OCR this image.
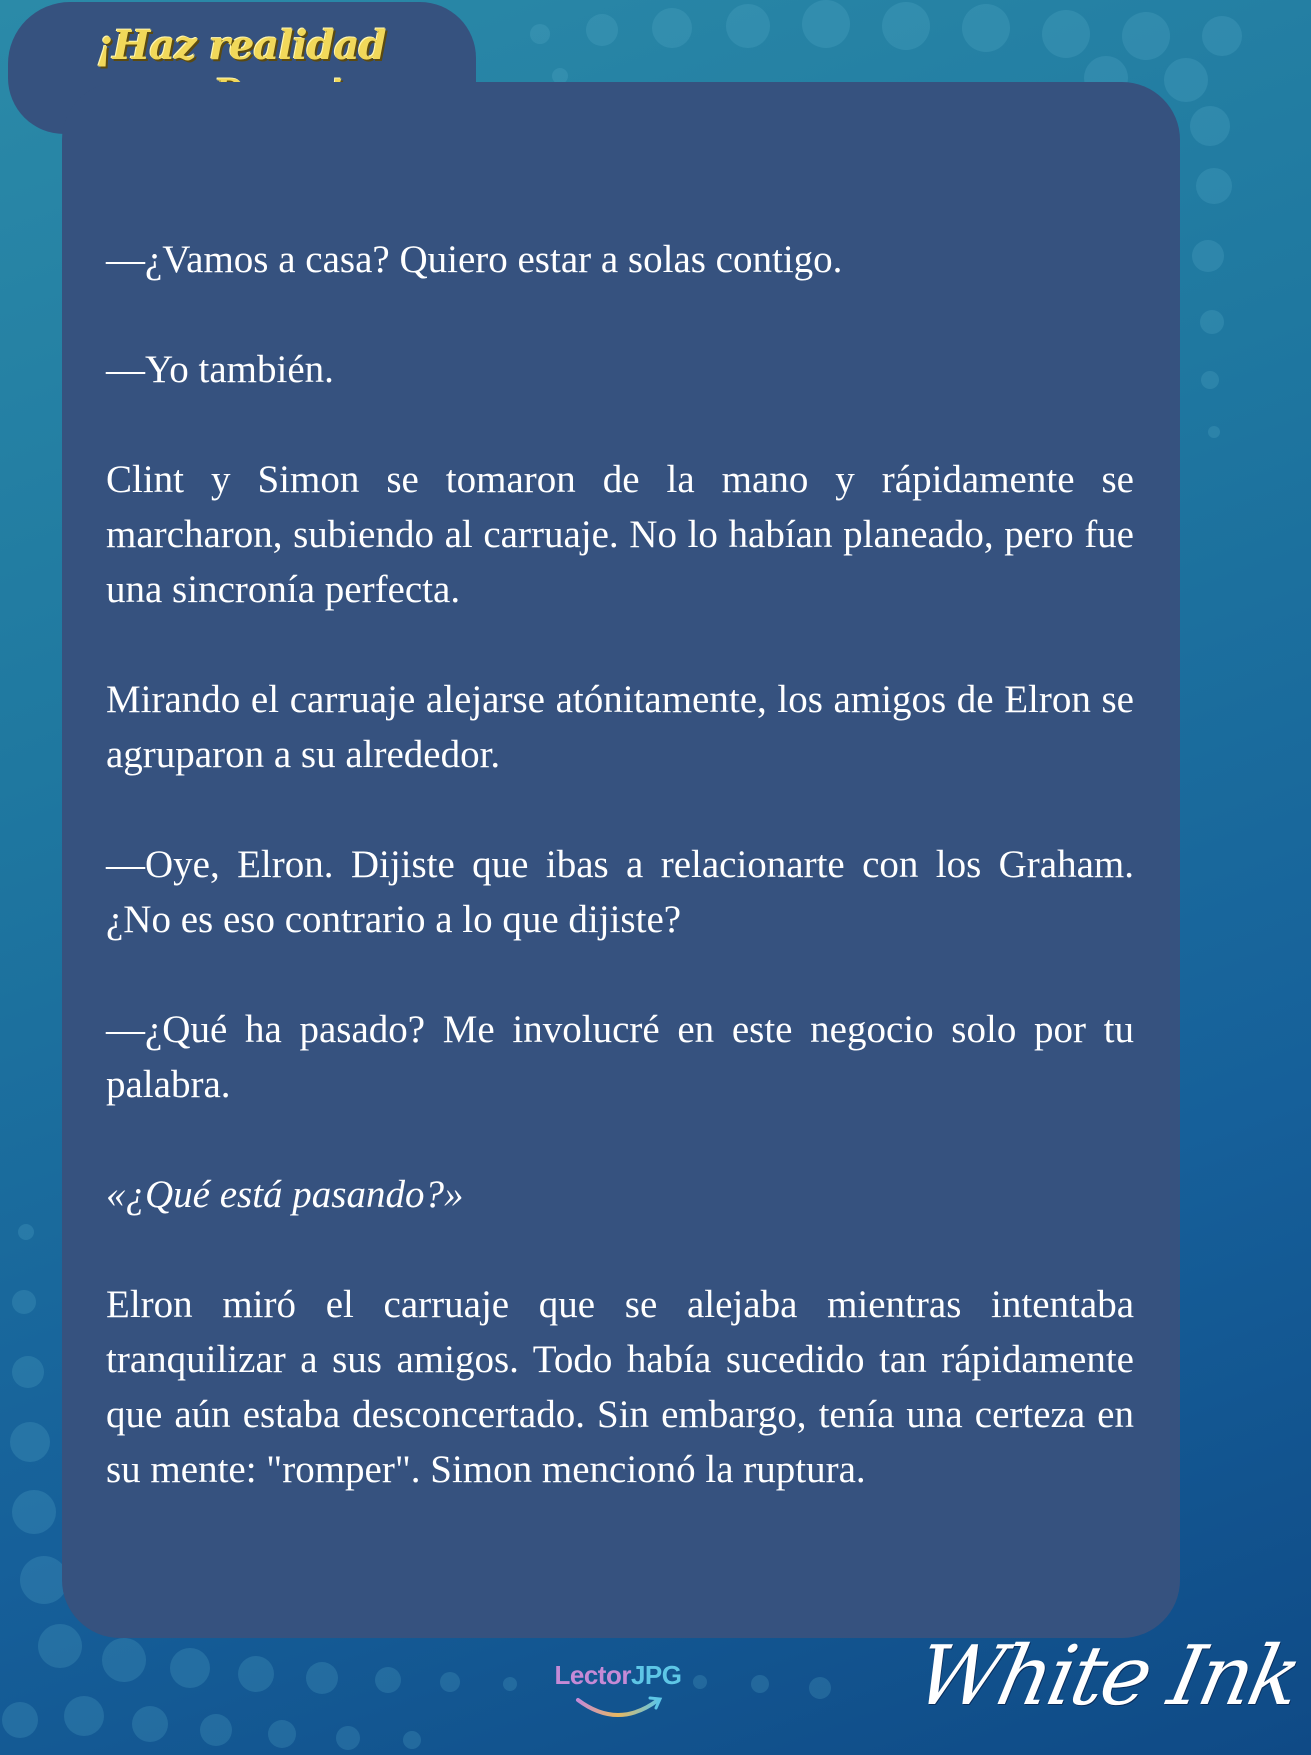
¡Haz realidad

—¿Vamos a casa? Quiero estar a solas contigo.

—Yo también.

Clint y Simon se tomaron de la mano y rápidamente se marcharon, subiendo al carruaje. No lo habían planeado, pero fue una sincronía perfecta.

Mirando el carruaje alejarse atónitamente, los amigos de Elron se agruparon a su alrededor.

—Oye, Elron. Dijiste que ibas a relacionarte con los Graham. ¿No es eso contrario a lo que dijiste?

—¿Qué ha pasado? Me involucré en este negocio solo por tu palabra.

«¿Qué está pasando?»

Elron miró el carruaje que se alejaba mientras intentaba tranquilizar a sus amigos. Todo había sucedido tan rápidamente que aún estaba desconcertado. Sin embargo, tenía una certeza en su mente: "romper". Simon mencionó la ruptura.

LectorJPG	White Ink
